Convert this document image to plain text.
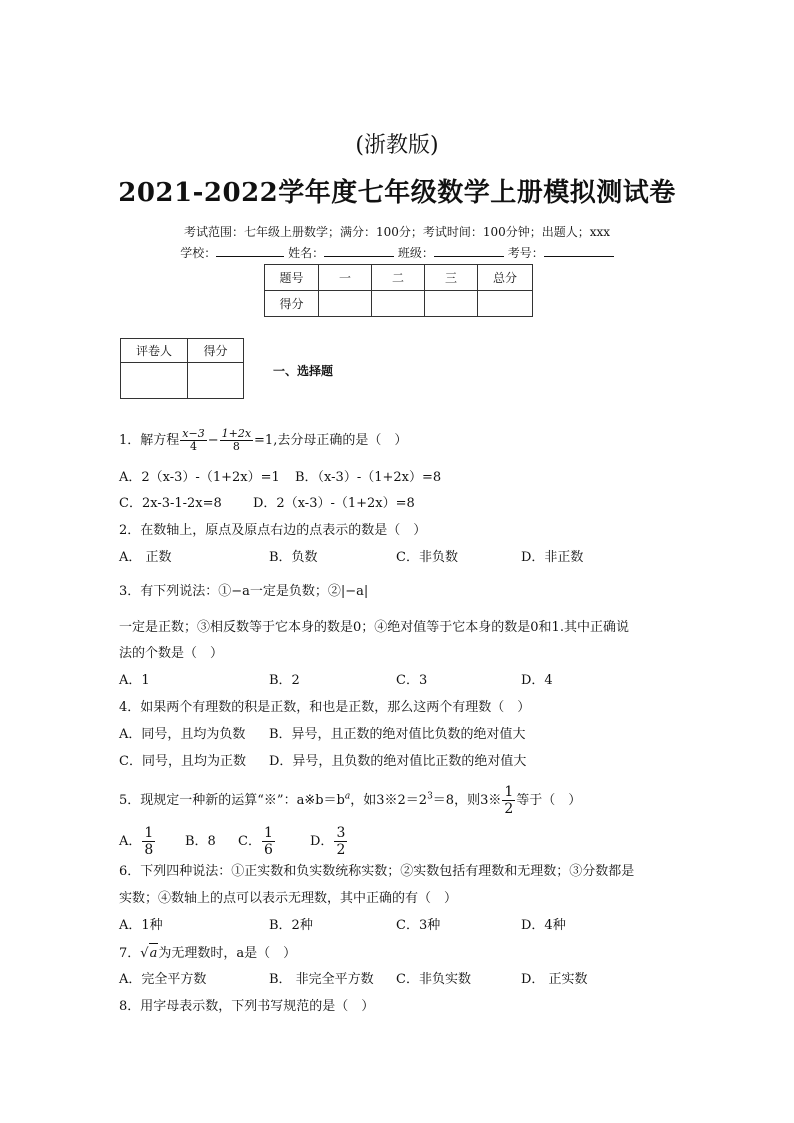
(浙教版)
2021-2022学年度七年级数学上册模拟测试卷
考试范围：七年级上册数学；满分：100分；考试时间：100分钟；出题人；xxx
学校：	姓名：	班级：	考号：
题号	一	二	三	总分
得分				
评卷人	得分

一、选择题
1．解方程 $\frac{x-3}{4} - \frac{1+2x}{8} =1$,去分母正确的是（　）
A．2（x-3）-（1+2x）=1 B．（x-3）-（1+2x）=8
C．2x-3-1-2x=8 D．2（x-3）-（1+2x）=8
2．在数轴上，原点及原点右边的点表示的数是（　）
A． 正数	B．负数	C．非负数	D．非正数
3．有下列说法：①−a一定是负数；②|−a|
一定是正数；③相反数等于它本身的数是0；④绝对值等于它本身的数是0和1.其中正确说
法的个数是（　）
A．1	B．2	C．3	D．4
4．如果两个有理数的积是正数，和也是正数，那么这两个有理数（　）
A．同号，且均为负数 B．异号，且正数的绝对值比负数的绝对值大
C．同号，且均为正数 D．异号，且负数的绝对值比正数的绝对值大
5．现规定一种新的运算“※”：$a※b=b^a$，如$3※2=2^3=8$，则3※ $\frac{1}{2}$ 等于（　）
A． $\frac{1}{8}$ B．8 C． $\frac{1}{6}$	D． $\frac{3}{2}$
6．下列四种说法：①正实数和负实数统称实数；②实数包括有理数和无理数；③分数都是
实数；④数轴上的点可以表示无理数，其中正确的有（　）
A．1种	B．2种	C．3种	D．4种
7．√a为无理数时，a是（　）
A．完全平方数	B． 非完全平方数 C．非负实数	D． 正实数
8．用字母表示数，下列书写规范的是（　）
